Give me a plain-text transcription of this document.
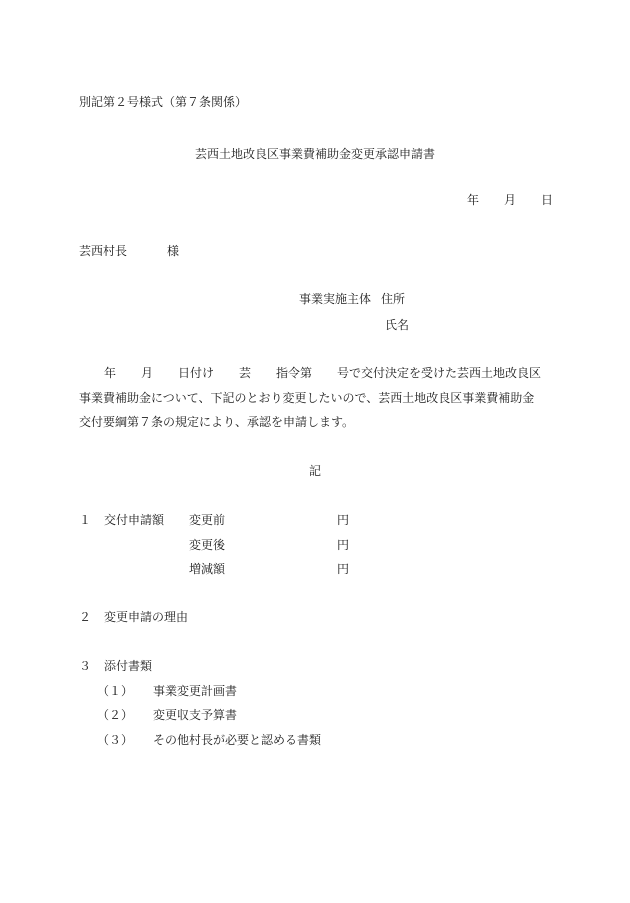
別記第２号様式（第７条関係）
芸西土地改良区事業費補助金変更承認申請書
年 月 日
芸西村長	様
事業実施主体 住所
氏名
年 月 日付け 芸 指令第 号で交付決定を受けた芸西土地改良区
事業費補助金について、下記のとおり変更したいので、芸西土地改良区事業費補助金
交付要綱第７条の規定により、承認を申請します。
記
１ 交付申請額 変更前	円
変更後	円
増減額	円
２ 変更申請の理由
３ 添付書類
（１） 事業変更計画書
（２） 変更収支予算書
（３） その他村長が必要と認める書類
